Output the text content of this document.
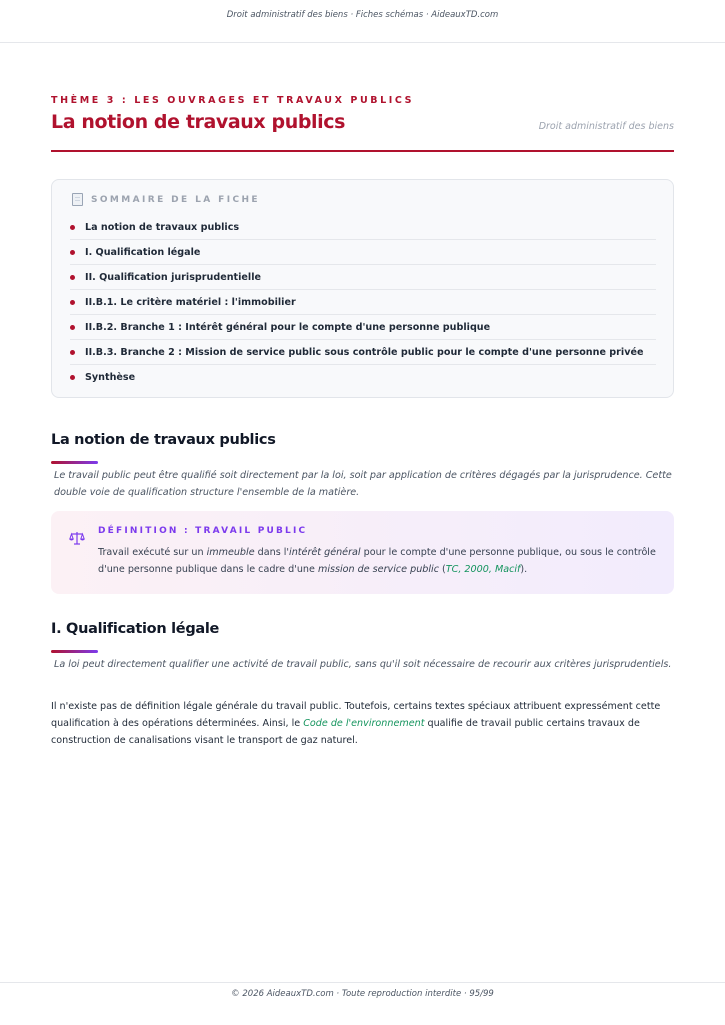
Droit administratif des biens · Fiches schémas · AideauxTD.com
THÈME 3 : LES OUVRAGES ET TRAVAUX PUBLICS
La notion de travaux publics	Droit administratif des biens
SOMMAIRE DE LA FICHE
La notion de travaux publics
I. Qualification légale
II. Qualification jurisprudentielle
II.B.1. Le critère matériel : l'immobilier
II.B.2. Branche 1 : Intérêt général pour le compte d'une personne publique
II.B.3. Branche 2 : Mission de service public sous contrôle public pour le compte d'une personne privée
Synthèse
La notion de travaux publics
Le travail public peut être qualifié soit directement par la loi, soit par application de critères dégagés par la jurisprudence. Cette double voie de qualification structure l'ensemble de la matière.
DÉFINITION : TRAVAIL PUBLIC
Travail exécuté sur un immeuble dans l'intérêt général pour le compte d'une personne publique, ou sous le contrôle d'une personne publique dans le cadre d'une mission de service public (TC, 2000, Macif).
I. Qualification légale
La loi peut directement qualifier une activité de travail public, sans qu'il soit nécessaire de recourir aux critères jurisprudentiels.
Il n'existe pas de définition légale générale du travail public. Toutefois, certains textes spéciaux attribuent expressément cette qualification à des opérations déterminées. Ainsi, le Code de l'environnement qualifie de travail public certains travaux de construction de canalisations visant le transport de gaz naturel.
© 2026 AideauxTD.com · Toute reproduction interdite · 95/99
